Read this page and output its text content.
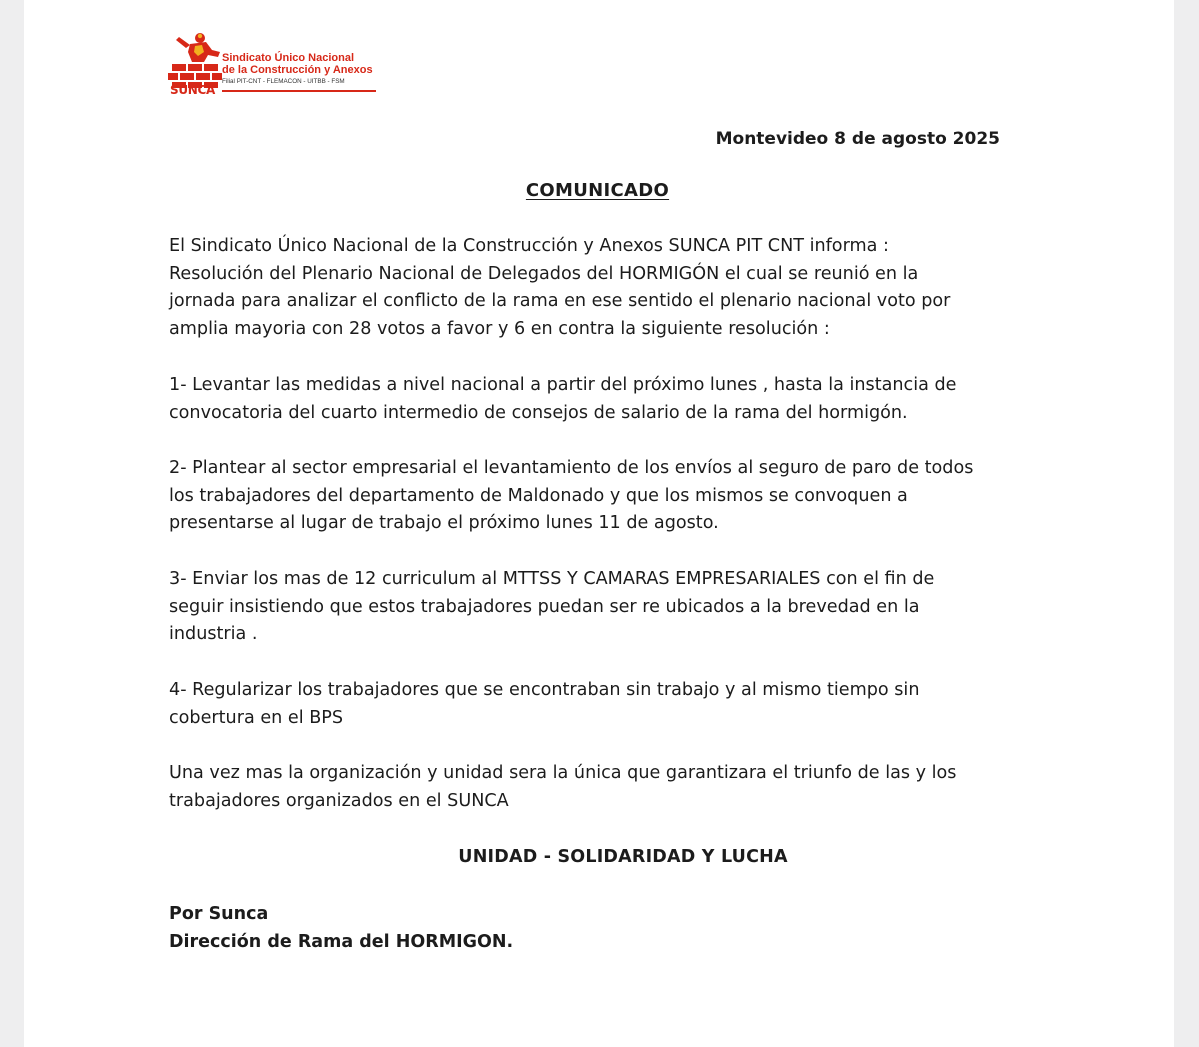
SUNCA
Sindicato Único Nacional
de la Construcción y Anexos
Filial PIT-CNT - FLEMACON - UITBB - FSM
Montevideo 8 de agosto 2025
COMUNICADO

El Sindicato Único Nacional de la Construcción y Anexos SUNCA PIT CNT informa :
Resolución del Plenario Nacional de Delegados del HORMIGÓN el cual se reunió en la
jornada para analizar el conflicto de la rama en ese sentido el plenario nacional voto por
amplia mayoria con 28 votos a favor y 6 en contra la siguiente resolución :

1- Levantar las medidas a nivel nacional a partir del próximo lunes , hasta la instancia de
convocatoria del cuarto intermedio de consejos de salario de la rama del hormigón.

2- Plantear al sector empresarial el levantamiento de los envíos al seguro de paro de todos
los trabajadores del departamento de Maldonado y que los mismos se convoquen a
presentarse al lugar de trabajo el próximo lunes 11 de agosto.

3- Enviar los mas de 12 curriculum al MTTSS Y CAMARAS EMPRESARIALES con el fin de
seguir insistiendo que estos trabajadores puedan ser re ubicados a la brevedad en la
industria .

4- Regularizar los trabajadores que se encontraban sin trabajo y al mismo tiempo sin
cobertura en el BPS

Una vez mas la organización y unidad sera la única que garantizara el triunfo de las y los
trabajadores organizados en el SUNCA

UNIDAD - SOLIDARIDAD Y LUCHA
Por Sunca
Dirección de Rama del HORMIGON.
